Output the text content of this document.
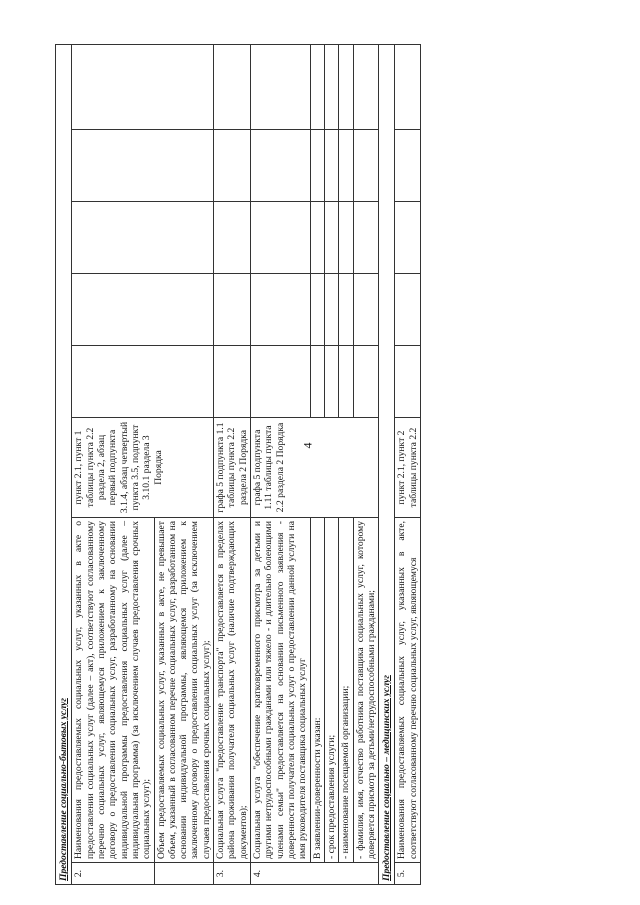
4
Предоставление социально-бытовых услуг							
2.	Наименования предоставляемых социальных услуг, указанных в акте о предоставлении социальных услуг (далее – акт), соответствуют согласованному перечню социальных услуг, являющемуся приложением к заключенному договору о предоставлении социальных услуг, разработанному на основании индивидуальной программы предоставления социальных услуг (далее – индивидуальная программа) (за исключением случаев предоставления срочных социальных услуг);	пункт 2.1, пункт 1 таблицы пункта 2.2 раздела 2, абзац первый подпункта 3.1.4, абзац четвертый пункта 3.5, подпункт 3.10.1 раздела 3 Порядка					
	Объем предоставляемых социальных услуг, указанных в акте, не превышает объем, указанный в согласованном перечне социальных услуг, разработанном на основании индивидуальной программы, являющемся приложением к заключенному договору о предоставлении социальных услуг (за исключением случаев предоставления срочных социальных услуг);						
3.	Социальная услуга "предоставление транспорта" предоставляется в пределах района проживания получателя социальных услуг (наличие подтверждающих документов);	графа 5 подпункта 1.1 таблицы пункта 2.2 раздела 2 Порядка					
4.	Социальная услуга "обеспечение кратковременного присмотра за детьми и другими нетрудоспособными гражданами или тяжело - и длительно болеющими членами семьи" предоставляется на основании письменного заявления - доверенности получателя социальных услуг о предоставлении данной услуги на имя руководителя поставщика социальных услуг	графа 5 подпункта 1.11 таблицы пункта 2.2 раздела 2 Порядка					
	В заявлении-доверенности указан:						
	- срок предоставления услуги;						
	- наименование посещаемой организации;						
	- фамилия, имя, отчество работника поставщика социальных услуг, которому доверяется присмотр за детьми/нетрудоспособными гражданами;						
Предоставление социально – медицинских услуг							
5.	Наименования предоставляемых социальных услуг, указанных в акте, соответствуют согласованному перечню социальных услуг, являющемуся	пункт 2.1, пункт 2 таблицы пункта 2.2					
